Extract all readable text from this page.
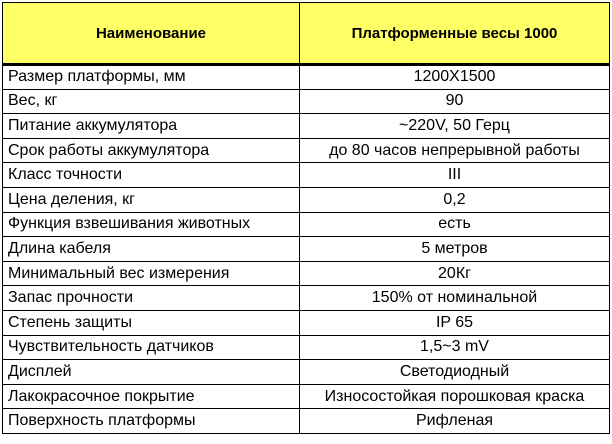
Наименование	Платформенные весы 1000
Размер платформы, мм	1200Х1500
Вес, кг	90
Питание аккумулятора	~220V, 50 Герц
Срок работы аккумулятора	до 80 часов непрерывной работы
Класс точности	III
Цена деления, кг	0,2
Функция взвешивания животных	есть
Длина кабеля	5 метров
Минимальный вес измерения	20Кг
Запас прочности	150% от номинальной
Степень защиты	IP 65
Чувствительность датчиков	1,5~3 mV
Дисплей	Светодиодный
Лакокрасочное покрытие	Износостойкая порошковая краска
Поверхность платформы	Рифленая
